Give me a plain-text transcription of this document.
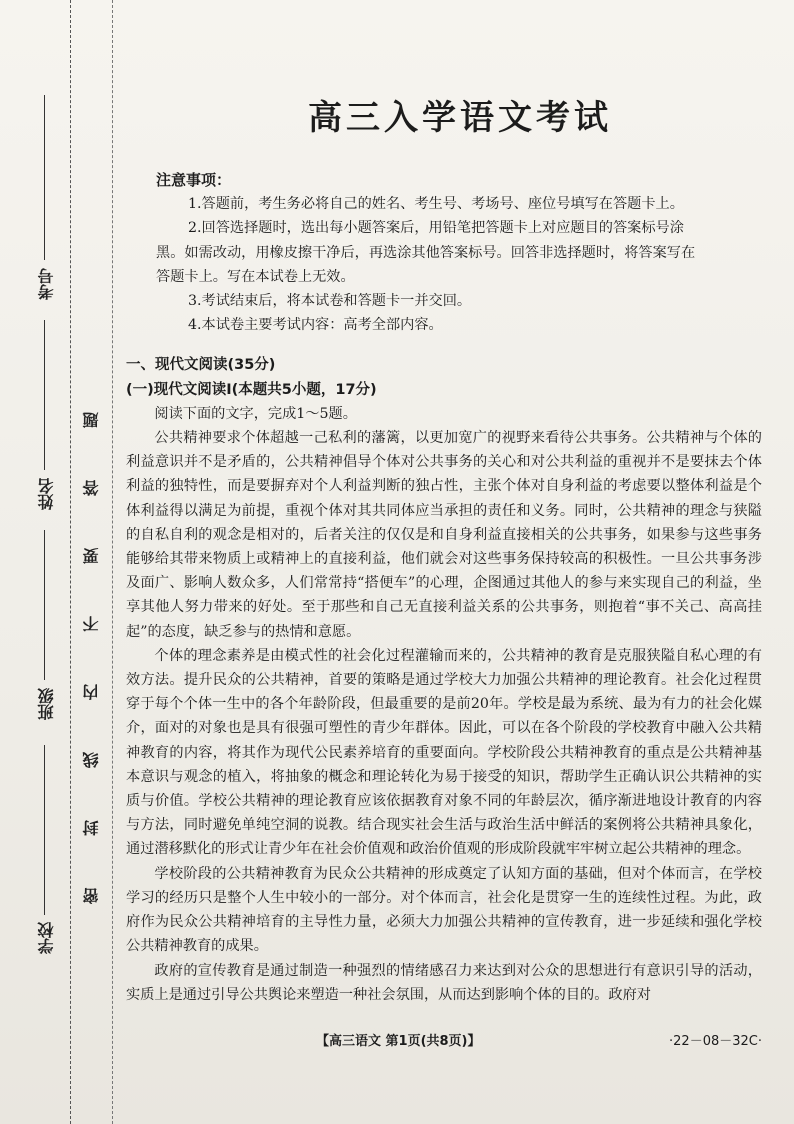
考号
姓名
班级
学校
密封线内不要答题
高三入学语文考试
注意事项：
1.答题前，考生务必将自己的姓名、考生号、考场号、座位号填写在答题卡上。
2.回答选择题时，选出每小题答案后，用铅笔把答题卡上对应题目的答案标号涂
黑。如需改动，用橡皮擦干净后，再选涂其他答案标号。回答非选择题时，将答案写在
答题卡上。写在本试卷上无效。
3.考试结束后，将本试卷和答题卡一并交回。
4.本试卷主要考试内容：高考全部内容。
一、现代文阅读(35分)
(一)现代文阅读Ⅰ(本题共5小题，17分)
阅读下面的文字，完成1～5题。

公共精神要求个体超越一己私利的藩篱，以更加宽广的视野来看待公共事务。公共精神与个体的利益意识并不是矛盾的，公共精神倡导个体对公共事务的关心和对公共利益的重视并不是要抹去个体利益的独特性，而是要摒弃对个人利益判断的独占性，主张个体对自身利益的考虑要以整体利益是个体利益得以满足为前提，重视个体对其共同体应当承担的责任和义务。同时，公共精神的理念与狭隘的自私自利的观念是相对的，后者关注的仅仅是和自身利益直接相关的公共事务，如果参与这些事务能够给其带来物质上或精神上的直接利益，他们就会对这些事务保持较高的积极性。一旦公共事务涉及面广、影响人数众多，人们常常持“搭便车”的心理，企图通过其他人的参与来实现自己的利益，坐享其他人努力带来的好处。至于那些和自己无直接利益关系的公共事务，则抱着“事不关己、高高挂起”的态度，缺乏参与的热情和意愿。

个体的理念素养是由模式性的社会化过程灌输而来的，公共精神的教育是克服狭隘自私心理的有效方法。提升民众的公共精神，首要的策略是通过学校大力加强公共精神的理论教育。社会化过程贯穿于每个个体一生中的各个年龄阶段，但最重要的是前20年。学校是最为系统、最为有力的社会化媒介，面对的对象也是具有很强可塑性的青少年群体。因此，可以在各个阶段的学校教育中融入公共精神教育的内容，将其作为现代公民素养培育的重要面向。学校阶段公共精神教育的重点是公共精神基本意识与观念的植入，将抽象的概念和理论转化为易于接受的知识，帮助学生正确认识公共精神的实质与价值。学校公共精神的理论教育应该依据教育对象不同的年龄层次，循序渐进地设计教育的内容与方法，同时避免单纯空洞的说教。结合现实社会生活与政治生活中鲜活的案例将公共精神具象化，通过潜移默化的形式让青少年在社会价值观和政治价值观的形成阶段就牢牢树立起公共精神的理念。

学校阶段的公共精神教育为民众公共精神的形成奠定了认知方面的基础，但对个体而言，在学校学习的经历只是整个人生中较小的一部分。对个体而言，社会化是贯穿一生的连续性过程。为此，政府作为民众公共精神培育的主导性力量，必须大力加强公共精神的宣传教育，进一步延续和强化学校公共精神教育的成果。

政府的宣传教育是通过制造一种强烈的情绪感召力来达到对公众的思想进行有意识引导的活动，实质上是通过引导公共舆论来塑造一种社会氛围，从而达到影响个体的目的。政府对

【高三语文 第1页(共8页)】	·22－08－32C·
